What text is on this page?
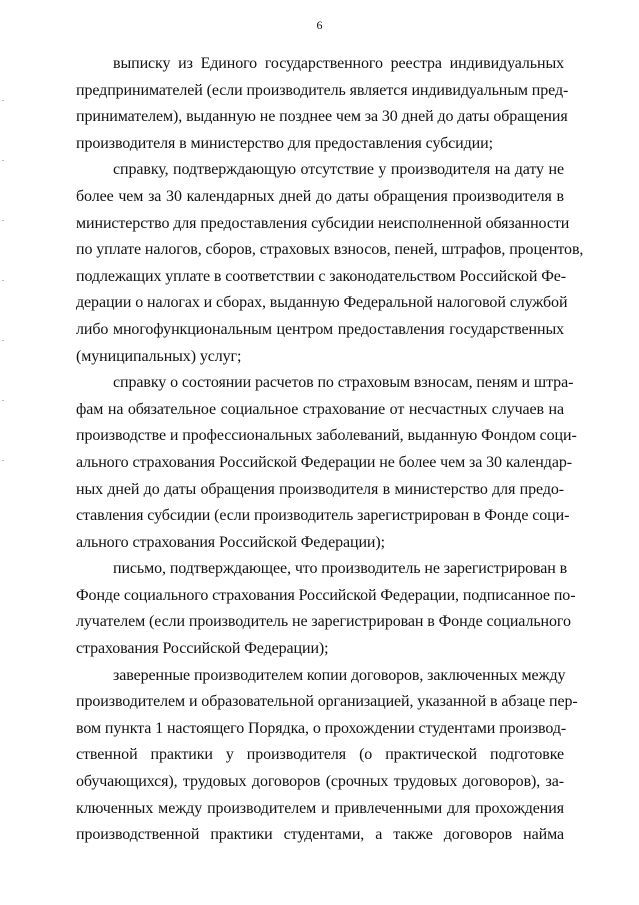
6

выписку из Единого государственного реестра индивидуальных
предпринимателей (если производитель является индивидуальным пред-
принимателем), выданную не позднее чем за 30 дней до даты обращения
производителя в министерство для предоставления субсидии;

справку, подтверждающую отсутствие у производителя на дату не
более чем за 30 календарных дней до даты обращения производителя в
министерство для предоставления субсидии неисполненной обязанности
по уплате налогов, сборов, страховых взносов, пеней, штрафов, процентов,
подлежащих уплате в соответствии с законодательством Российской Фе-
дерации о налогах и сборах, выданную Федеральной налоговой службой
либо многофункциональным центром предоставления государственных
(муниципальных) услуг;

справку о состоянии расчетов по страховым взносам, пеням и штра-
фам на обязательное социальное страхование от несчастных случаев на
производстве и профессиональных заболеваний, выданную Фондом соци-
ального страхования Российской Федерации не более чем за 30 календар-
ных дней до даты обращения производителя в министерство для предо-
ставления субсидии (если производитель зарегистрирован в Фонде соци-
ального страхования Российской Федерации);

письмо, подтверждающее, что производитель не зарегистрирован в
Фонде социального страхования Российской Федерации, подписанное по-
лучателем (если производитель не зарегистрирован в Фонде социального
страхования Российской Федерации);

заверенные производителем копии договоров, заключенных между
производителем и образовательной организацией, указанной в абзаце пер-
вом пункта 1 настоящего Порядка, о прохождении студентами производ-
ственной практики у производителя (о практической подготовке
обучающихся), трудовых договоров (срочных трудовых договоров), за-
ключенных между производителем и привлеченными для прохождения
производственной практики студентами, а также договоров найма
